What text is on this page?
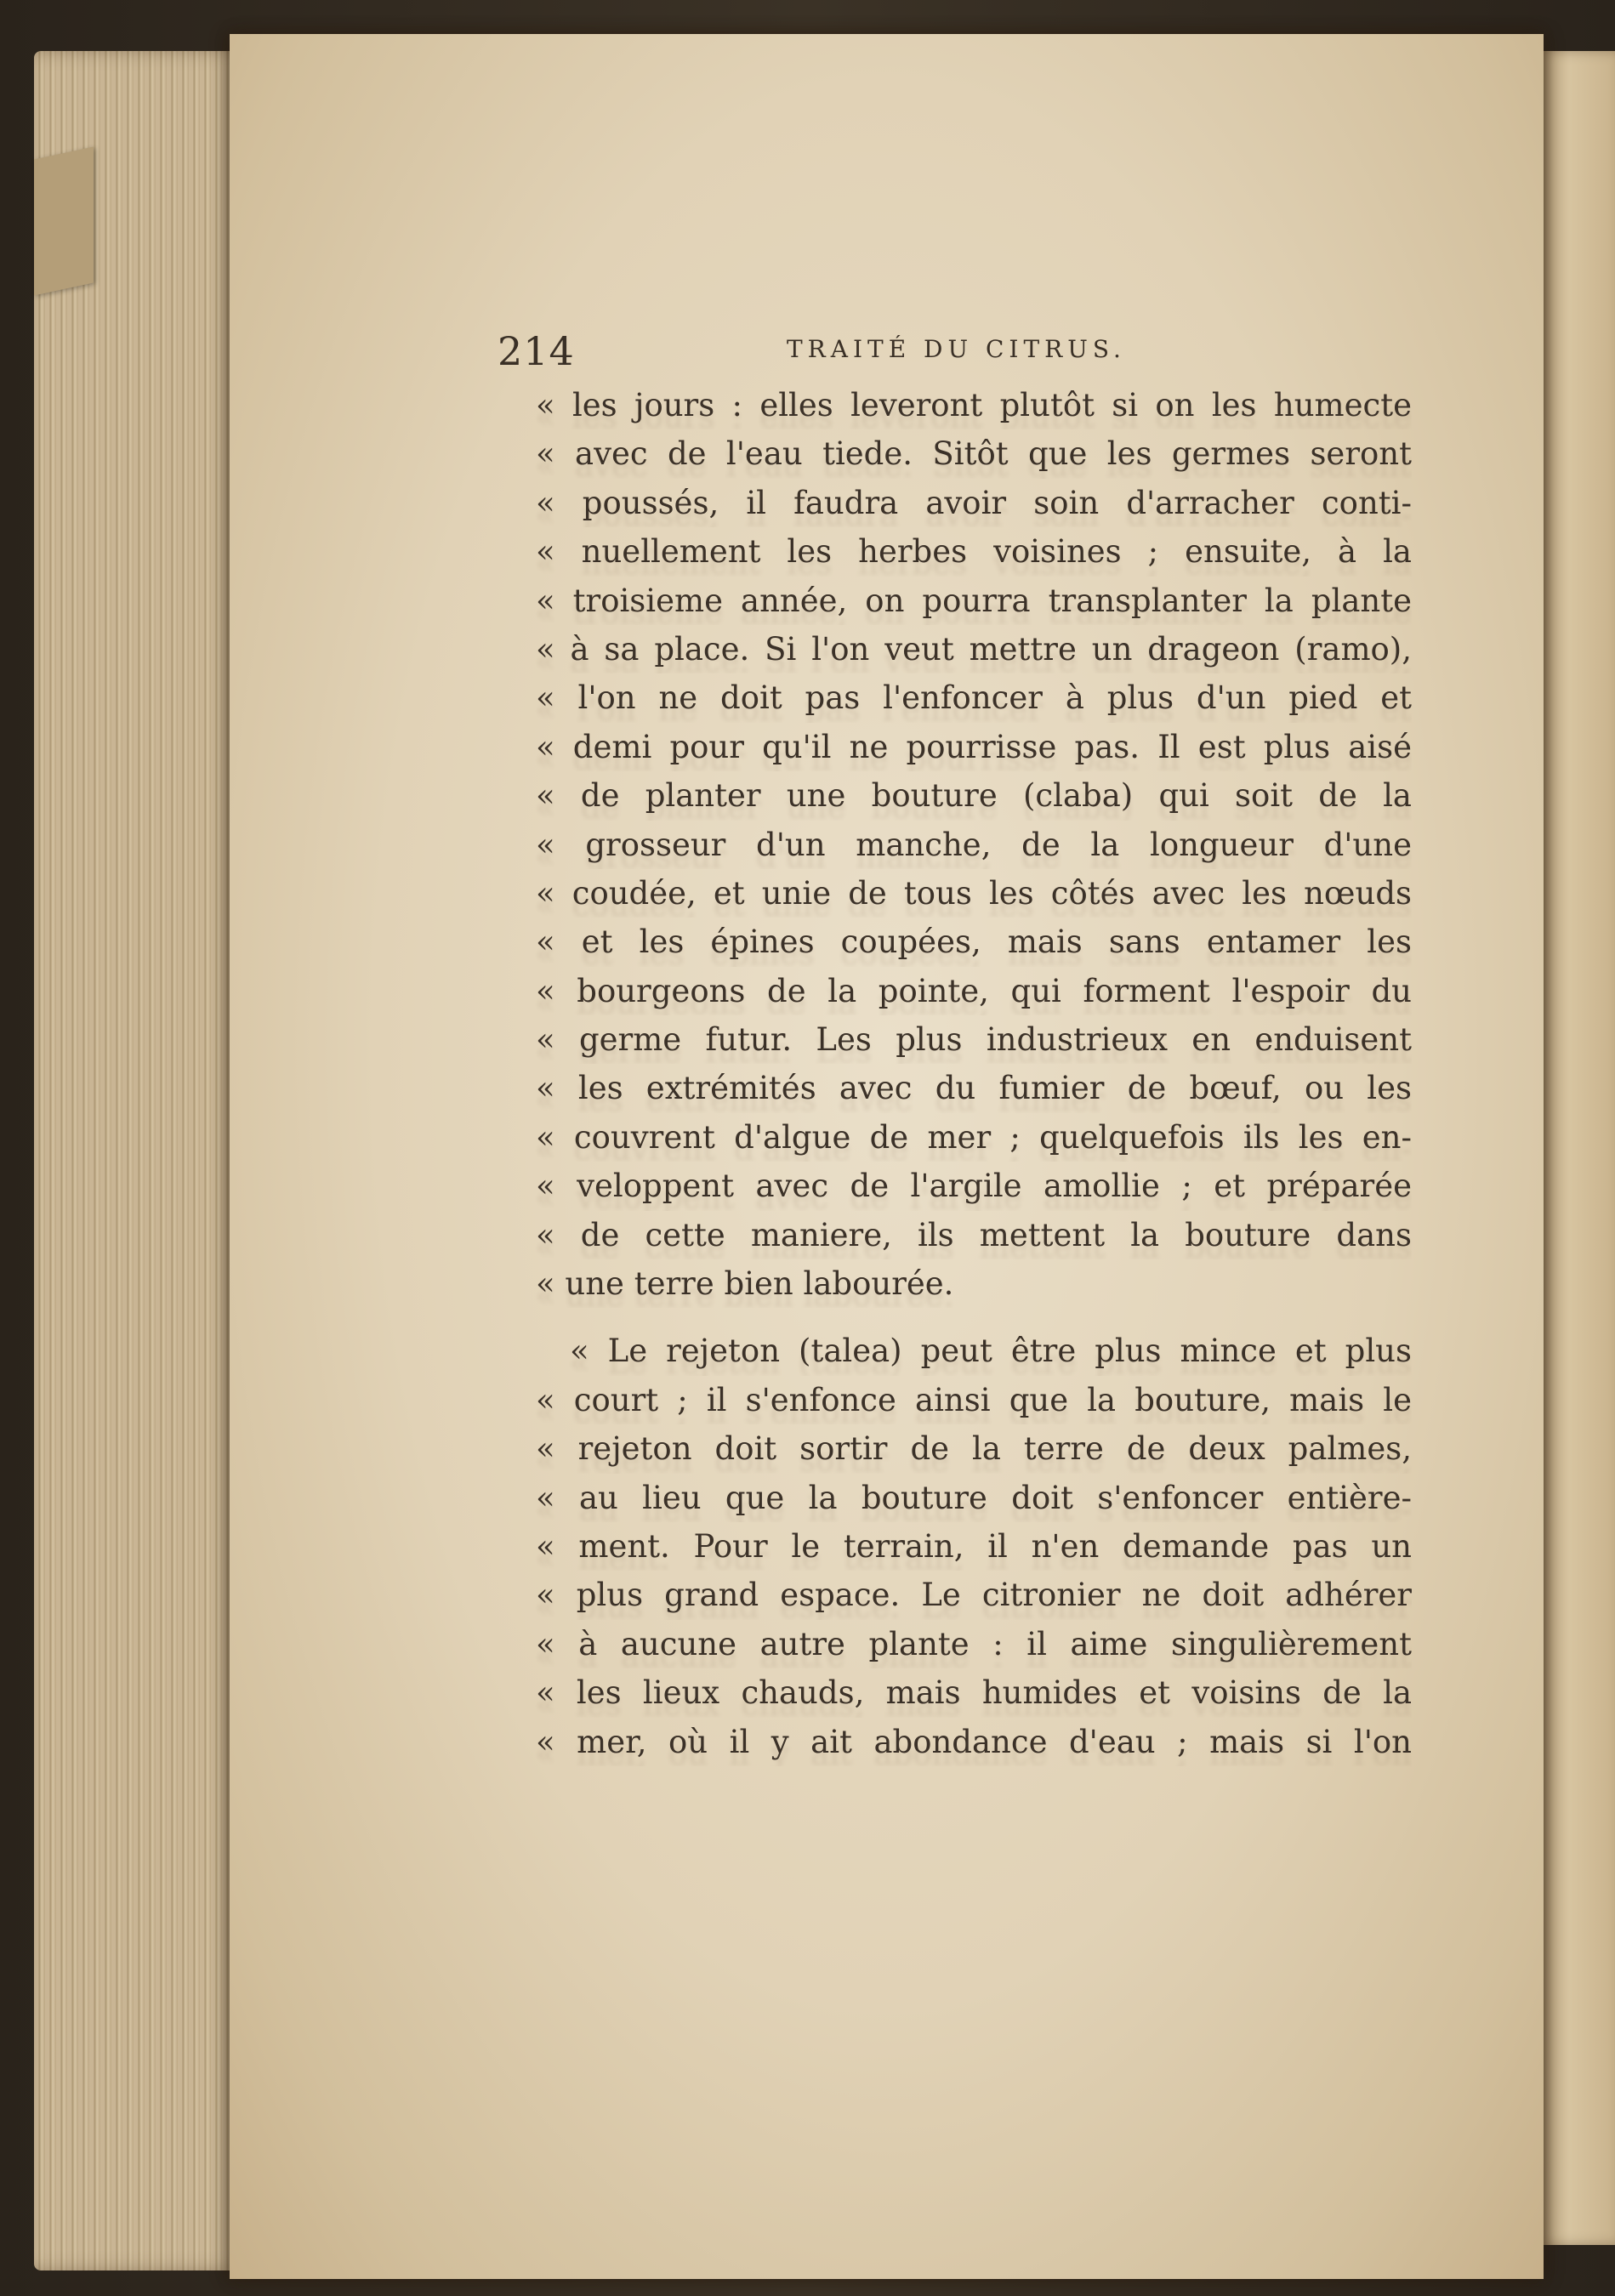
214	TRAITÉ DU CITRUS.
« les jours : elles leveront plutôt si on les humecte
« avec de l'eau tiede. Sitôt que les germes seront
« poussés, il faudra avoir soin d'arracher conti-
« nuellement les herbes voisines ; ensuite, à la
« troisieme année, on pourra transplanter la plante
« à sa place. Si l'on veut mettre un drageon (ramo),
« l'on ne doit pas l'enfoncer à plus d'un pied et
« demi pour qu'il ne pourrisse pas. Il est plus aisé
« de planter une bouture (claba) qui soit de la
« grosseur d'un manche, de la longueur d'une
« coudée, et unie de tous les côtés avec les nœuds
« et les épines coupées, mais sans entamer les
« bourgeons de la pointe, qui forment l'espoir du
« germe futur. Les plus industrieux en enduisent
« les extrémités avec du fumier de bœuf, ou les
« couvrent d'algue de mer ; quelquefois ils les en-
« veloppent avec de l'argile amollie ; et préparée
« de cette maniere, ils mettent la bouture dans
« une terre bien labourée.
« Le rejeton (talea) peut être plus mince et plus
« court ; il s'enfonce ainsi que la bouture, mais le
« rejeton doit sortir de la terre de deux palmes,
« au lieu que la bouture doit s'enfoncer entière-
« ment. Pour le terrain, il n'en demande pas un
« plus grand espace. Le citronier ne doit adhérer
« à aucune autre plante : il aime singulièrement
« les lieux chauds, mais humides et voisins de la
« mer, où il y ait abondance d'eau ; mais si l'on
